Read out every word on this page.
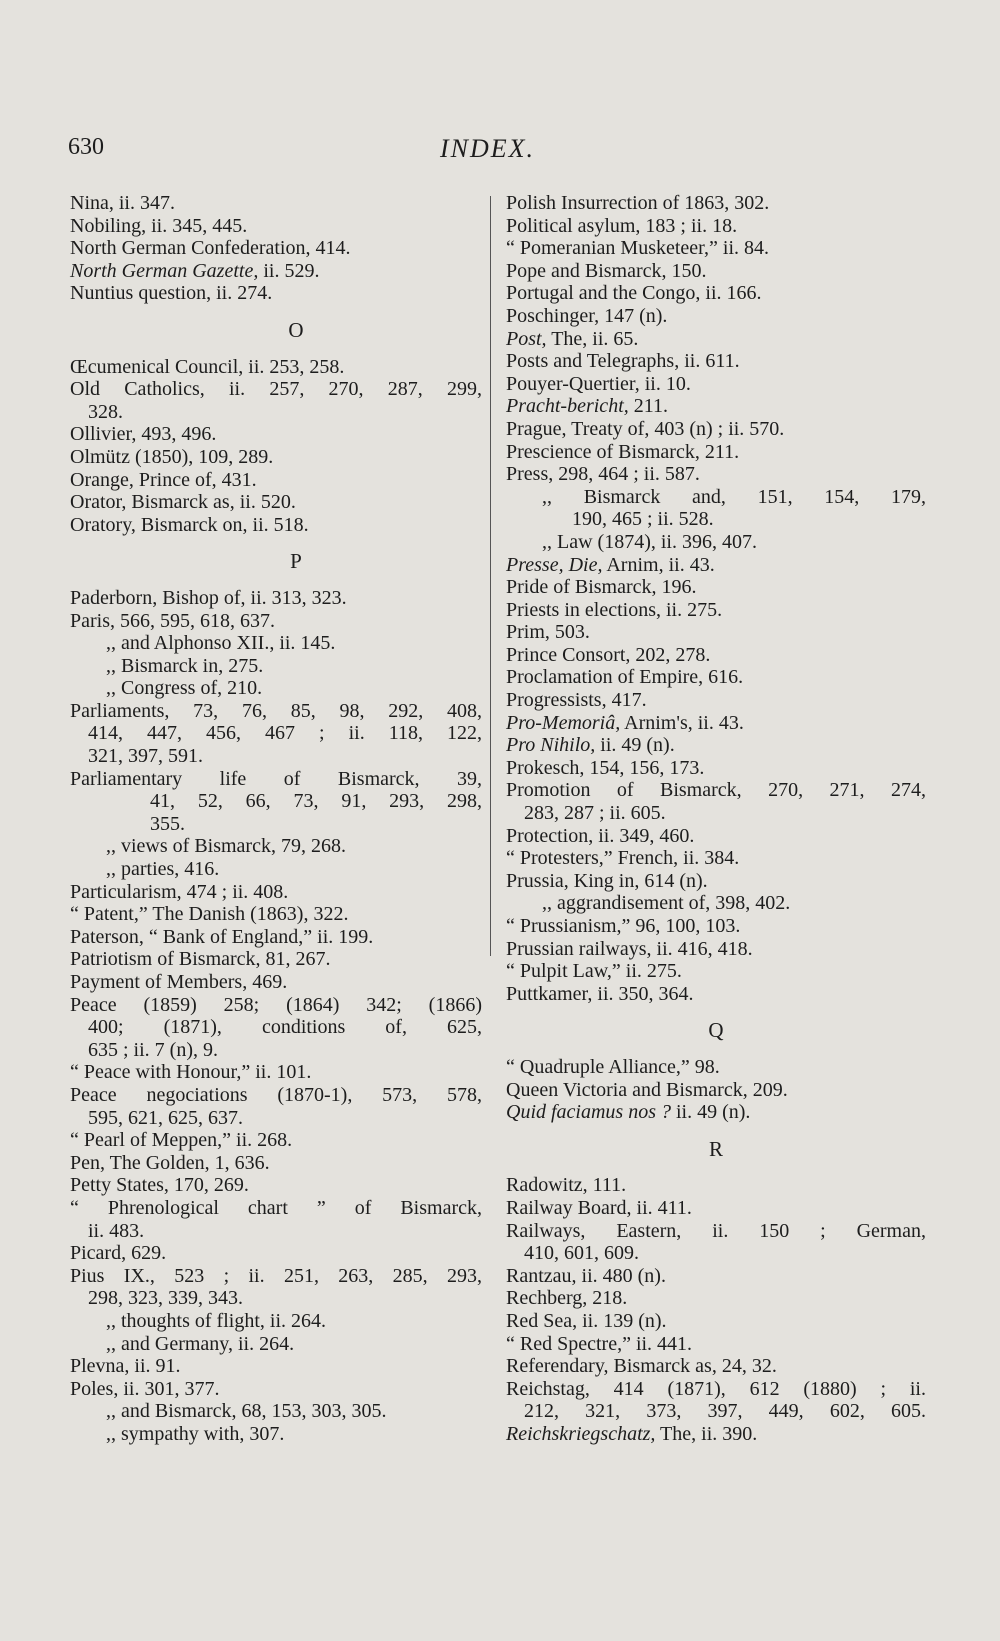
630	INDEX.
Nina, ii. 347.
Nobiling, ii. 345, 445.
North German Confederation, 414.
North German Gazette, ii. 529.
Nuntius question, ii. 274.
O
Œcumenical Council, ii. 253, 258.
Old Catholics, ii. 257, 270, 287, 299,
328.
Ollivier, 493, 496.
Olmütz (1850), 109, 289.
Orange, Prince of, 431.
Orator, Bismarck as, ii. 520.
Oratory, Bismarck on, ii. 518.
P
Paderborn, Bishop of, ii. 313, 323.
Paris, 566, 595, 618, 637.
,, and Alphonso XII., ii. 145.
,, Bismarck in, 275.
,, Congress of, 210.
Parliaments, 73, 76, 85, 98, 292, 408,
414, 447, 456, 467 ; ii. 118, 122,
321, 397, 591.
Parliamentary life of Bismarck, 39,
41, 52, 66, 73, 91, 293, 298,
355.
,, views of Bismarck, 79, 268.
,, parties, 416.
Particularism, 474 ; ii. 408.
“ Patent,” The Danish (1863), 322.
Paterson, “ Bank of England,” ii. 199.
Patriotism of Bismarck, 81, 267.
Payment of Members, 469.
Peace (1859) 258; (1864) 342; (1866)
400; (1871), conditions of, 625,
635 ; ii. 7 (n), 9.
“ Peace with Honour,” ii. 101.
Peace negociations (1870-1), 573, 578,
595, 621, 625, 637.
“ Pearl of Meppen,” ii. 268.
Pen, The Golden, 1, 636.
Petty States, 170, 269.
“ Phrenological chart ” of Bismarck,
ii. 483.
Picard, 629.
Pius IX., 523 ; ii. 251, 263, 285, 293,
298, 323, 339, 343.
,, thoughts of flight, ii. 264.
,, and Germany, ii. 264.
Plevna, ii. 91.
Poles, ii. 301, 377.
,, and Bismarck, 68, 153, 303, 305.
,, sympathy with, 307.
Polish Insurrection of 1863, 302.
Political asylum, 183 ; ii. 18.
“ Pomeranian Musketeer,” ii. 84.
Pope and Bismarck, 150.
Portugal and the Congo, ii. 166.
Poschinger, 147 (n).
Post, The, ii. 65.
Posts and Telegraphs, ii. 611.
Pouyer-Quertier, ii. 10.
Pracht-bericht, 211.
Prague, Treaty of, 403 (n) ; ii. 570.
Prescience of Bismarck, 211.
Press, 298, 464 ; ii. 587.
,, Bismarck and, 151, 154, 179,
190, 465 ; ii. 528.
,, Law (1874), ii. 396, 407.
Presse, Die, Arnim, ii. 43.
Pride of Bismarck, 196.
Priests in elections, ii. 275.
Prim, 503.
Prince Consort, 202, 278.
Proclamation of Empire, 616.
Progressists, 417.
Pro-Memoriâ, Arnim's, ii. 43.
Pro Nihilo, ii. 49 (n).
Prokesch, 154, 156, 173.
Promotion of Bismarck, 270, 271, 274,
283, 287 ; ii. 605.
Protection, ii. 349, 460.
“ Protesters,” French, ii. 384.
Prussia, King in, 614 (n).
,, aggrandisement of, 398, 402.
“ Prussianism,” 96, 100, 103.
Prussian railways, ii. 416, 418.
“ Pulpit Law,” ii. 275.
Puttkamer, ii. 350, 364.
Q
“ Quadruple Alliance,” 98.
Queen Victoria and Bismarck, 209.
Quid faciamus nos ? ii. 49 (n).
R
Radowitz, 111.
Railway Board, ii. 411.
Railways, Eastern, ii. 150 ; German,
410, 601, 609.
Rantzau, ii. 480 (n).
Rechberg, 218.
Red Sea, ii. 139 (n).
“ Red Spectre,” ii. 441.
Referendary, Bismarck as, 24, 32.
Reichstag, 414 (1871), 612 (1880) ; ii.
212, 321, 373, 397, 449, 602, 605.
Reichskriegschatz, The, ii. 390.
